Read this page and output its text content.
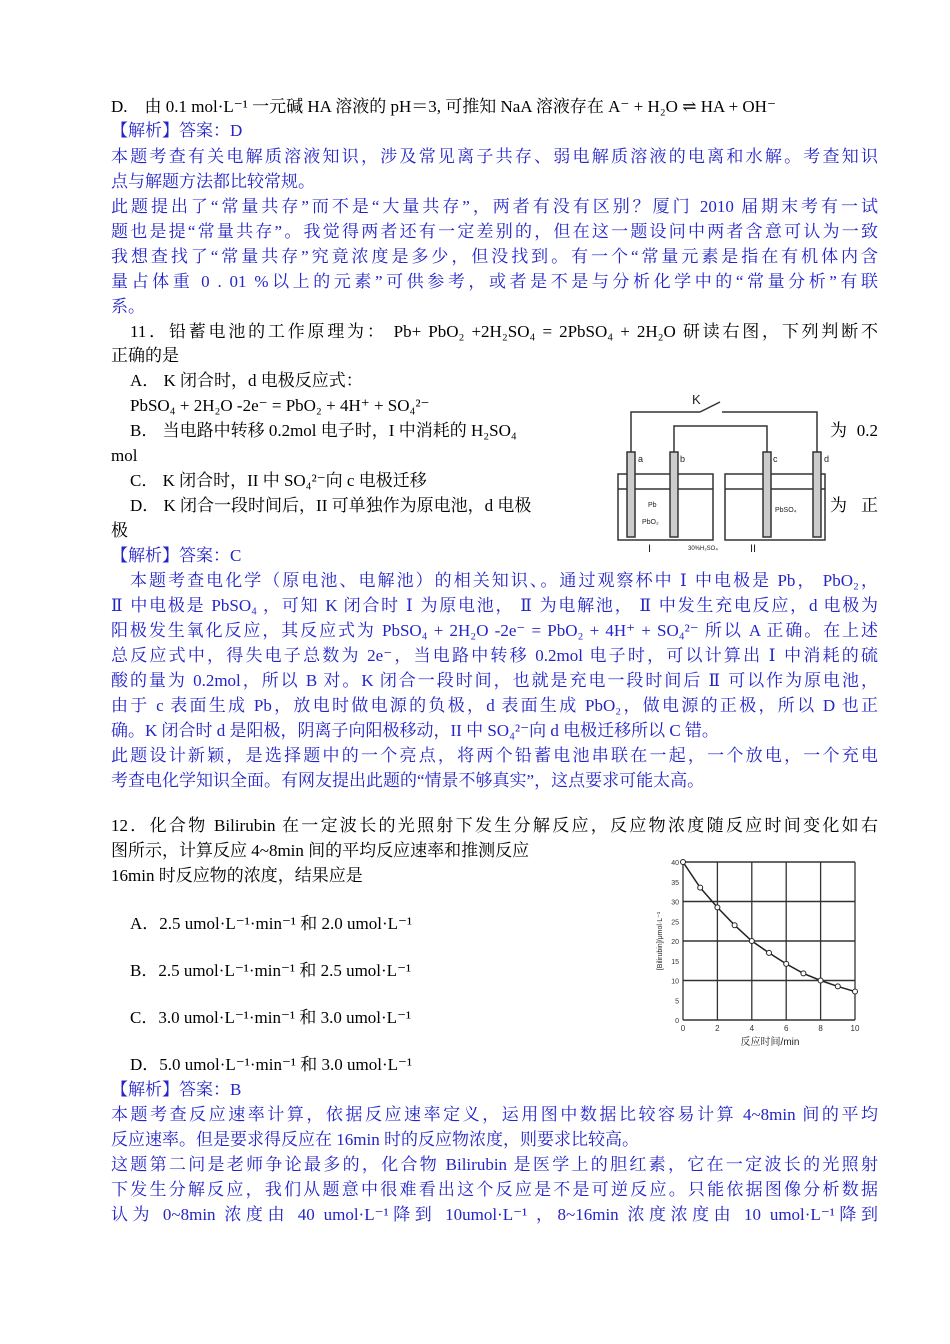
D.　由 0.1 mol·L⁻¹ 一元碱 HA 溶液的 pH＝3, 可推知 NaA 溶液存在 A⁻ + H₂O ⇌ HA + OH⁻
【解析】答案：D
本题考查有关电解质溶液知识，涉及常见离子共存、弱电解质溶液的电离和水解。考查知识
点与解题方法都比较常规。
此题提出了“常量共存”而不是“大量共存”，两者有没有区别？厦门 2010 届期末考有一试
题也是提“常量共存”。我觉得两者还有一定差别的，但在这一题设问中两者含意可认为一致
我想查找了“常量共存”究竟浓度是多少，但没找到。有一个“常量元素是指在有机体内含
量占体重 0 . 01 %以上的元素”可供参考，或者是不是与分析化学中的“常量分析”有联
系。
11．铅蓄电池的工作原理为： Pb+ PbO₂ +2H₂SO₄ = 2PbSO₄ + 2H₂O 研读右图，下列判断不
正确的是
A． K 闭合时，d 电极反应式：
PbSO₄ + 2H₂O -2e⁻ = PbO₂ + 4H⁺ + SO₄²⁻
B． 当电路中转移 0.2mol 电子时，I 中消耗的 H₂SO₄	为 0.2
mol
C． K 闭合时，II 中 SO₄²⁻向 c 电极迁移
D． K 闭合一段时间后，II 可单独作为原电池，d 电极	为 正
极
K
a	b	c	d
Pb
PbO₂
PbSO₄
I	30%H₂SO₄	II
【解析】答案：C
本题考查电化学（原电池、电解池）的相关知识、。通过观察杯中 Ⅰ 中电极是 Pb， PbO₂，
Ⅱ 中电极是 PbSO₄ ，可知 K 闭合时 Ⅰ 为原电池， Ⅱ 为电解池， Ⅱ 中发生充电反应，d 电极为
阳极发生氧化反应，其反应式为 PbSO₄ + 2H₂O -2e⁻ = PbO₂ + 4H⁺ + SO₄²⁻ 所以 A 正确。在上述
总反应式中，得失电子总数为 2e⁻，当电路中转移 0.2mol 电子时，可以计算出 Ⅰ 中消耗的硫
酸的量为 0.2mol，所以 B 对。K 闭合一段时间，也就是充电一段时间后 Ⅱ 可以作为原电池，
由于 c 表面生成 Pb，放电时做电源的负极，d 表面生成 PbO₂，做电源的正极，所以 D 也正
确。K 闭合时 d 是阳极，阴离子向阳极移动，II 中 SO₄²⁻向 d 电极迁移所以 C 错。
此题设计新颖，是选择题中的一个亮点，将两个铅蓄电池串联在一起，一个放电，一个充电
考查电化学知识全面。有网友提出此题的“情景不够真实”，这点要求可能太高。
12．化合物 Bilirubin 在一定波长的光照射下发生分解反应，反应物浓度随反应时间变化如右
图所示，计算反应 4~8min 间的平均反应速率和推测反应
16min 时反应物的浓度，结果应是
A．2.5 umol·L⁻¹·min⁻¹ 和 2.0 umol·L⁻¹
B．2.5 umol·L⁻¹·min⁻¹ 和 2.5 umol·L⁻¹
C．3.0 umol·L⁻¹·min⁻¹ 和 3.0 umol·L⁻¹
D．5.0 umol·L⁻¹·min⁻¹ 和 3.0 umol·L⁻¹
0	2	4	6	8	10
0
5
10
15
20
25
30
35
40
反应时间/min
[Bilirubin]/μmol·L⁻¹
【解析】答案：B
本题考查反应速率计算，依据反应速率定义，运用图中数据比较容易计算 4~8min 间的平均
反应速率。但是要求得反应在 16min 时的反应物浓度，则要求比较高。
这题第二问是老师争论最多的，化合物 Bilirubin 是医学上的胆红素，它在一定波长的光照射
下发生分解反应，我们从题意中很难看出这个反应是不是可逆反应。只能依据图像分析数据
认为 0~8min 浓度由 40 umol·L⁻¹降到 10umol·L⁻¹ ，8~16min 浓度浓度由 10 umol·L⁻¹降到
